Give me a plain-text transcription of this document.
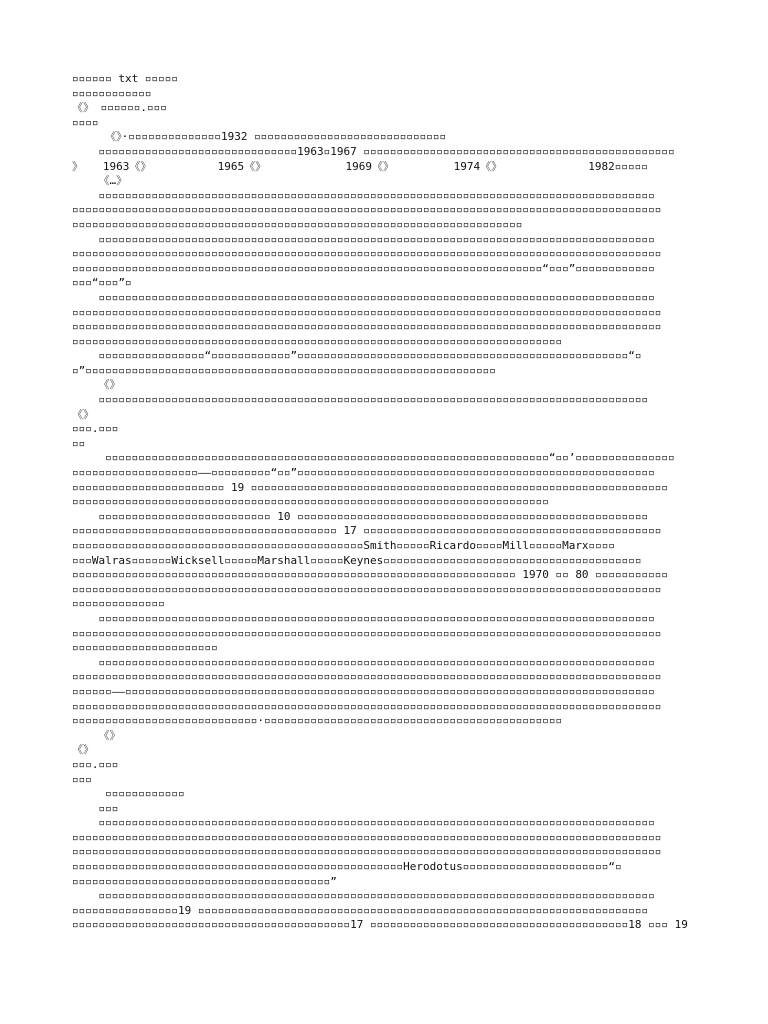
▫▫▫▫▫▫ txt ▫▫▫▫▫
▫▫▫▫▫▫▫▫▫▫▫▫
《》 ▫▫▫▫▫▫.▫▫▫
▫▫▫▫
《》·▫▫▫▫▫▫▫▫▫▫▫▫▫▫1932 ▫▫▫▫▫▫▫▫▫▫▫▫▫▫▫▫▫▫▫▫▫▫▫▫▫▫▫▫▫
▫▫▫▫▫▫▫▫▫▫▫▫▫▫▫▫▫▫▫▫▫▫▫▫▫▫▫▫▫▫1963▫1967 ▫▫▫▫▫▫▫▫▫▫▫▫▫▫▫▫▫▫▫▫▫▫▫▫▫▫▫▫▫▫▫▫▫▫▫▫▫▫▫▫▫▫▫▫▫▫▫
》   1963《》          1965《》            1969《》         1974《》             1982▫▫▫▫▫
《…》
▫▫▫▫▫▫▫▫▫▫▫▫▫▫▫▫▫▫▫▫▫▫▫▫▫▫▫▫▫▫▫▫▫▫▫▫▫▫▫▫▫▫▫▫▫▫▫▫▫▫▫▫▫▫▫▫▫▫▫▫▫▫▫▫▫▫▫▫▫▫▫▫▫▫▫▫▫▫▫▫▫▫▫▫
▫▫▫▫▫▫▫▫▫▫▫▫▫▫▫▫▫▫▫▫▫▫▫▫▫▫▫▫▫▫▫▫▫▫▫▫▫▫▫▫▫▫▫▫▫▫▫▫▫▫▫▫▫▫▫▫▫▫▫▫▫▫▫▫▫▫▫▫▫▫▫▫▫▫▫▫▫▫▫▫▫▫▫▫▫▫▫▫▫
▫▫▫▫▫▫▫▫▫▫▫▫▫▫▫▫▫▫▫▫▫▫▫▫▫▫▫▫▫▫▫▫▫▫▫▫▫▫▫▫▫▫▫▫▫▫▫▫▫▫▫▫▫▫▫▫▫▫▫▫▫▫▫▫▫▫▫▫
▫▫▫▫▫▫▫▫▫▫▫▫▫▫▫▫▫▫▫▫▫▫▫▫▫▫▫▫▫▫▫▫▫▫▫▫▫▫▫▫▫▫▫▫▫▫▫▫▫▫▫▫▫▫▫▫▫▫▫▫▫▫▫▫▫▫▫▫▫▫▫▫▫▫▫▫▫▫▫▫▫▫▫▫
▫▫▫▫▫▫▫▫▫▫▫▫▫▫▫▫▫▫▫▫▫▫▫▫▫▫▫▫▫▫▫▫▫▫▫▫▫▫▫▫▫▫▫▫▫▫▫▫▫▫▫▫▫▫▫▫▫▫▫▫▫▫▫▫▫▫▫▫▫▫▫▫▫▫▫▫▫▫▫▫▫▫▫▫▫▫▫▫▫
▫▫▫▫▫▫▫▫▫▫▫▫▫▫▫▫▫▫▫▫▫▫▫▫▫▫▫▫▫▫▫▫▫▫▫▫▫▫▫▫▫▫▫▫▫▫▫▫▫▫▫▫▫▫▫▫▫▫▫▫▫▫▫▫▫▫▫▫▫▫▫“▫▫▫”▫▫▫▫▫▫▫▫▫▫▫▫
▫▫▫“▫▫▫”▫
▫▫▫▫▫▫▫▫▫▫▫▫▫▫▫▫▫▫▫▫▫▫▫▫▫▫▫▫▫▫▫▫▫▫▫▫▫▫▫▫▫▫▫▫▫▫▫▫▫▫▫▫▫▫▫▫▫▫▫▫▫▫▫▫▫▫▫▫▫▫▫▫▫▫▫▫▫▫▫▫▫▫▫▫
▫▫▫▫▫▫▫▫▫▫▫▫▫▫▫▫▫▫▫▫▫▫▫▫▫▫▫▫▫▫▫▫▫▫▫▫▫▫▫▫▫▫▫▫▫▫▫▫▫▫▫▫▫▫▫▫▫▫▫▫▫▫▫▫▫▫▫▫▫▫▫▫▫▫▫▫▫▫▫▫▫▫▫▫▫▫▫▫▫
▫▫▫▫▫▫▫▫▫▫▫▫▫▫▫▫▫▫▫▫▫▫▫▫▫▫▫▫▫▫▫▫▫▫▫▫▫▫▫▫▫▫▫▫▫▫▫▫▫▫▫▫▫▫▫▫▫▫▫▫▫▫▫▫▫▫▫▫▫▫▫▫▫▫▫▫▫▫▫▫▫▫▫▫▫▫▫▫▫
▫▫▫▫▫▫▫▫▫▫▫▫▫▫▫▫▫▫▫▫▫▫▫▫▫▫▫▫▫▫▫▫▫▫▫▫▫▫▫▫▫▫▫▫▫▫▫▫▫▫▫▫▫▫▫▫▫▫▫▫▫▫▫▫▫▫▫▫▫▫▫▫▫▫
▫▫▫▫▫▫▫▫▫▫▫▫▫▫▫▫“▫▫▫▫▫▫▫▫▫▫▫▫”▫▫▫▫▫▫▫▫▫▫▫▫▫▫▫▫▫▫▫▫▫▫▫▫▫▫▫▫▫▫▫▫▫▫▫▫▫▫▫▫▫▫▫▫▫▫▫▫▫▫“▫
▫”▫▫▫▫▫▫▫▫▫▫▫▫▫▫▫▫▫▫▫▫▫▫▫▫▫▫▫▫▫▫▫▫▫▫▫▫▫▫▫▫▫▫▫▫▫▫▫▫▫▫▫▫▫▫▫▫▫▫▫▫▫▫
《》
▫▫▫▫▫▫▫▫▫▫▫▫▫▫▫▫▫▫▫▫▫▫▫▫▫▫▫▫▫▫▫▫▫▫▫▫▫▫▫▫▫▫▫▫▫▫▫▫▫▫▫▫▫▫▫▫▫▫▫▫▫▫▫▫▫▫▫▫▫▫▫▫▫▫▫▫▫▫▫▫▫▫▫
《》
▫▫▫.▫▫▫
▫▫
▫▫▫▫▫▫▫▫▫▫▫▫▫▫▫▫▫▫▫▫▫▫▫▫▫▫▫▫▫▫▫▫▫▫▫▫▫▫▫▫▫▫▫▫▫▫▫▫▫▫▫▫▫▫▫▫▫▫▫▫▫▫▫▫▫▫▫“▫▫’▫▫▫▫▫▫▫▫▫▫▫▫▫▫▫
▫▫▫▫▫▫▫▫▫▫▫▫▫▫▫▫▫▫▫——▫▫▫▫▫▫▫▫▫“▫▫”▫▫▫▫▫▫▫▫▫▫▫▫▫▫▫▫▫▫▫▫▫▫▫▫▫▫▫▫▫▫▫▫▫▫▫▫▫▫▫▫▫▫▫▫▫▫▫▫▫▫▫▫▫▫
▫▫▫▫▫▫▫▫▫▫▫▫▫▫▫▫▫▫▫▫▫▫▫ 19 ▫▫▫▫▫▫▫▫▫▫▫▫▫▫▫▫▫▫▫▫▫▫▫▫▫▫▫▫▫▫▫▫▫▫▫▫▫▫▫▫▫▫▫▫▫▫▫▫▫▫▫▫▫▫▫▫▫▫▫▫▫▫▫
▫▫▫▫▫▫▫▫▫▫▫▫▫▫▫▫▫▫▫▫▫▫▫▫▫▫▫▫▫▫▫▫▫▫▫▫▫▫▫▫▫▫▫▫▫▫▫▫▫▫▫▫▫▫▫▫▫▫▫▫▫▫▫▫▫▫▫▫▫▫▫▫
▫▫▫▫▫▫▫▫▫▫▫▫▫▫▫▫▫▫▫▫▫▫▫▫▫▫ 10 ▫▫▫▫▫▫▫▫▫▫▫▫▫▫▫▫▫▫▫▫▫▫▫▫▫▫▫▫▫▫▫▫▫▫▫▫▫▫▫▫▫▫▫▫▫▫▫▫▫▫▫▫▫
▫▫▫▫▫▫▫▫▫▫▫▫▫▫▫▫▫▫▫▫▫▫▫▫▫▫▫▫▫▫▫▫▫▫▫▫▫▫▫▫ 17 ▫▫▫▫▫▫▫▫▫▫▫▫▫▫▫▫▫▫▫▫▫▫▫▫▫▫▫▫▫▫▫▫▫▫▫▫▫▫▫▫▫▫▫▫▫
▫▫▫▫▫▫▫▫▫▫▫▫▫▫▫▫▫▫▫▫▫▫▫▫▫▫▫▫▫▫▫▫▫▫▫▫▫▫▫▫▫▫▫▫Smith▫▫▫▫▫Ricardo▫▫▫▫Mill▫▫▫▫▫Marx▫▫▫▫
▫▫▫Walras▫▫▫▫▫▫Wicksell▫▫▫▫▫Marshall▫▫▫▫▫Keynes▫▫▫▫▫▫▫▫▫▫▫▫▫▫▫▫▫▫▫▫▫▫▫▫▫▫▫▫▫▫▫▫▫▫▫▫▫▫▫
▫▫▫▫▫▫▫▫▫▫▫▫▫▫▫▫▫▫▫▫▫▫▫▫▫▫▫▫▫▫▫▫▫▫▫▫▫▫▫▫▫▫▫▫▫▫▫▫▫▫▫▫▫▫▫▫▫▫▫▫▫▫▫▫▫▫▫ 1970 ▫▫ 80 ▫▫▫▫▫▫▫▫▫▫▫
▫▫▫▫▫▫▫▫▫▫▫▫▫▫▫▫▫▫▫▫▫▫▫▫▫▫▫▫▫▫▫▫▫▫▫▫▫▫▫▫▫▫▫▫▫▫▫▫▫▫▫▫▫▫▫▫▫▫▫▫▫▫▫▫▫▫▫▫▫▫▫▫▫▫▫▫▫▫▫▫▫▫▫▫▫▫▫▫▫
▫▫▫▫▫▫▫▫▫▫▫▫▫▫
▫▫▫▫▫▫▫▫▫▫▫▫▫▫▫▫▫▫▫▫▫▫▫▫▫▫▫▫▫▫▫▫▫▫▫▫▫▫▫▫▫▫▫▫▫▫▫▫▫▫▫▫▫▫▫▫▫▫▫▫▫▫▫▫▫▫▫▫▫▫▫▫▫▫▫▫▫▫▫▫▫▫▫▫
▫▫▫▫▫▫▫▫▫▫▫▫▫▫▫▫▫▫▫▫▫▫▫▫▫▫▫▫▫▫▫▫▫▫▫▫▫▫▫▫▫▫▫▫▫▫▫▫▫▫▫▫▫▫▫▫▫▫▫▫▫▫▫▫▫▫▫▫▫▫▫▫▫▫▫▫▫▫▫▫▫▫▫▫▫▫▫▫▫
▫▫▫▫▫▫▫▫▫▫▫▫▫▫▫▫▫▫▫▫▫▫
▫▫▫▫▫▫▫▫▫▫▫▫▫▫▫▫▫▫▫▫▫▫▫▫▫▫▫▫▫▫▫▫▫▫▫▫▫▫▫▫▫▫▫▫▫▫▫▫▫▫▫▫▫▫▫▫▫▫▫▫▫▫▫▫▫▫▫▫▫▫▫▫▫▫▫▫▫▫▫▫▫▫▫▫
▫▫▫▫▫▫▫▫▫▫▫▫▫▫▫▫▫▫▫▫▫▫▫▫▫▫▫▫▫▫▫▫▫▫▫▫▫▫▫▫▫▫▫▫▫▫▫▫▫▫▫▫▫▫▫▫▫▫▫▫▫▫▫▫▫▫▫▫▫▫▫▫▫▫▫▫▫▫▫▫▫▫▫▫▫▫▫▫▫
▫▫▫▫▫▫——▫▫▫▫▫▫▫▫▫▫▫▫▫▫▫▫▫▫▫▫▫▫▫▫▫▫▫▫▫▫▫▫▫▫▫▫▫▫▫▫▫▫▫▫▫▫▫▫▫▫▫▫▫▫▫▫▫▫▫▫▫▫▫▫▫▫▫▫▫▫▫▫▫▫▫▫▫▫▫▫
▫▫▫▫▫▫▫▫▫▫▫▫▫▫▫▫▫▫▫▫▫▫▫▫▫▫▫▫▫▫▫▫▫▫▫▫▫▫▫▫▫▫▫▫▫▫▫▫▫▫▫▫▫▫▫▫▫▫▫▫▫▫▫▫▫▫▫▫▫▫▫▫▫▫▫▫▫▫▫▫▫▫▫▫▫▫▫▫▫
▫▫▫▫▫▫▫▫▫▫▫▫▫▫▫▫▫▫▫▫▫▫▫▫▫▫▫▫·▫▫▫▫▫▫▫▫▫▫▫▫▫▫▫▫▫▫▫▫▫▫▫▫▫▫▫▫▫▫▫▫▫▫▫▫▫▫▫▫▫▫▫▫▫
《》
《》
▫▫▫.▫▫▫
▫▫▫
▫▫▫▫▫▫▫▫▫▫▫▫
▫▫▫
▫▫▫▫▫▫▫▫▫▫▫▫▫▫▫▫▫▫▫▫▫▫▫▫▫▫▫▫▫▫▫▫▫▫▫▫▫▫▫▫▫▫▫▫▫▫▫▫▫▫▫▫▫▫▫▫▫▫▫▫▫▫▫▫▫▫▫▫▫▫▫▫▫▫▫▫▫▫▫▫▫▫▫▫
▫▫▫▫▫▫▫▫▫▫▫▫▫▫▫▫▫▫▫▫▫▫▫▫▫▫▫▫▫▫▫▫▫▫▫▫▫▫▫▫▫▫▫▫▫▫▫▫▫▫▫▫▫▫▫▫▫▫▫▫▫▫▫▫▫▫▫▫▫▫▫▫▫▫▫▫▫▫▫▫▫▫▫▫▫▫▫▫▫
▫▫▫▫▫▫▫▫▫▫▫▫▫▫▫▫▫▫▫▫▫▫▫▫▫▫▫▫▫▫▫▫▫▫▫▫▫▫▫▫▫▫▫▫▫▫▫▫▫▫▫▫▫▫▫▫▫▫▫▫▫▫▫▫▫▫▫▫▫▫▫▫▫▫▫▫▫▫▫▫▫▫▫▫▫▫▫▫▫
▫▫▫▫▫▫▫▫▫▫▫▫▫▫▫▫▫▫▫▫▫▫▫▫▫▫▫▫▫▫▫▫▫▫▫▫▫▫▫▫▫▫▫▫▫▫▫▫▫▫Herodotus▫▫▫▫▫▫▫▫▫▫▫▫▫▫▫▫▫▫▫▫▫▫“▫
▫▫▫▫▫▫▫▫▫▫▫▫▫▫▫▫▫▫▫▫▫▫▫▫▫▫▫▫▫▫▫▫▫▫▫▫▫▫▫”
▫▫▫▫▫▫▫▫▫▫▫▫▫▫▫▫▫▫▫▫▫▫▫▫▫▫▫▫▫▫▫▫▫▫▫▫▫▫▫▫▫▫▫▫▫▫▫▫▫▫▫▫▫▫▫▫▫▫▫▫▫▫▫▫▫▫▫▫▫▫▫▫▫▫▫▫▫▫▫▫▫▫▫▫
▫▫▫▫▫▫▫▫▫▫▫▫▫▫▫▫19 ▫▫▫▫▫▫▫▫▫▫▫▫▫▫▫▫▫▫▫▫▫▫▫▫▫▫▫▫▫▫▫▫▫▫▫▫▫▫▫▫▫▫▫▫▫▫▫▫▫▫▫▫▫▫▫▫▫▫▫▫▫▫▫▫▫▫▫▫
▫▫▫▫▫▫▫▫▫▫▫▫▫▫▫▫▫▫▫▫▫▫▫▫▫▫▫▫▫▫▫▫▫▫▫▫▫▫▫▫▫▫17 ▫▫▫▫▫▫▫▫▫▫▫▫▫▫▫▫▫▫▫▫▫▫▫▫▫▫▫▫▫▫▫▫▫▫▫▫▫▫▫18 ▫▫▫ 19
